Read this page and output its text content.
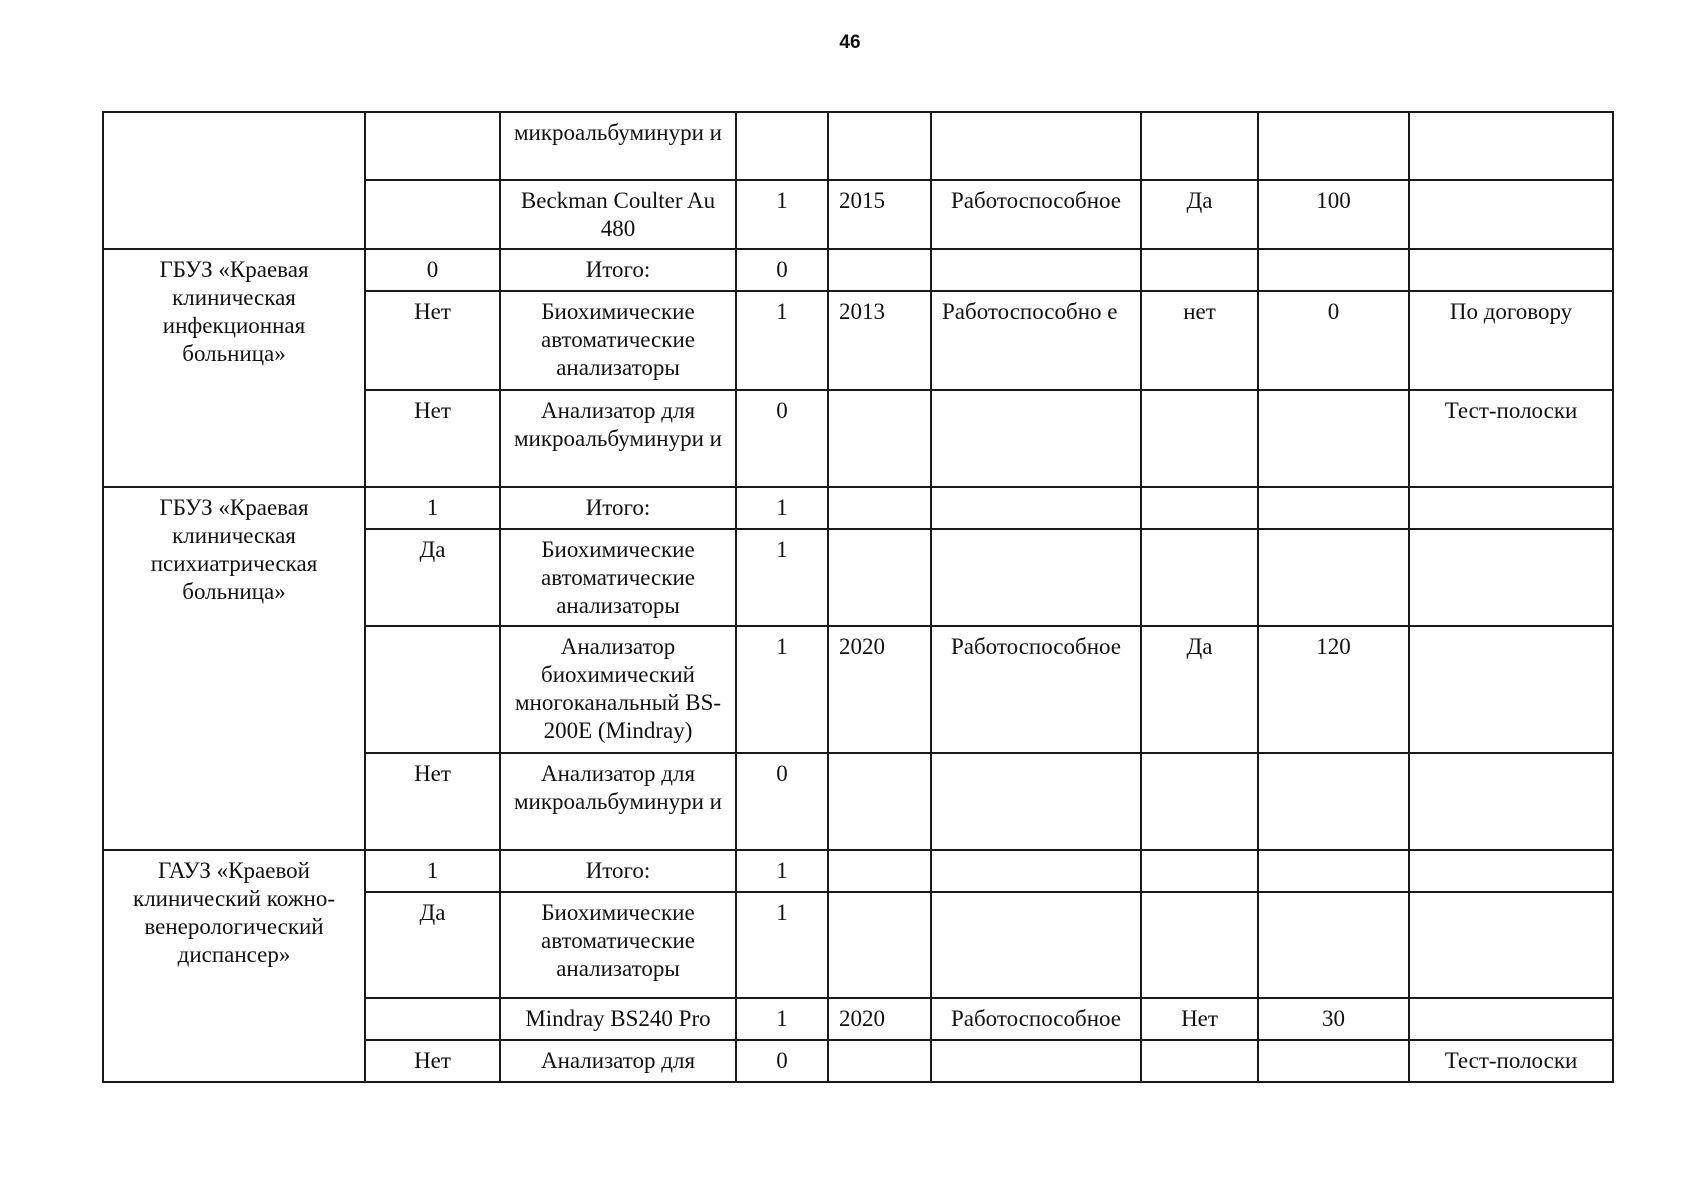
46
		микроальбуминури и						
		Beckman Coulter Au 480	1	2015	Работоспособное	Да	100	
ГБУЗ «Краевая клиническая инфекционная больница»	0	Итого:	0					
	Нет	Биохимические автоматические анализаторы	1	2013	Работоспособно е	нет	0	По договору
	Нет	Анализатор для микроальбуминури и	0					Тест-полоски
ГБУЗ «Краевая клиническая психиатрическая больница»	1	Итого:	1					
	Да	Биохимические автоматические анализаторы	1					
		Анализатор биохимический многоканальный BS-200E (Mindray)	1	2020	Работоспособное	Да	120	
	Нет	Анализатор для микроальбуминури и	0					
ГАУЗ «Краевой клинический кожно-венерологический диспансер»	1	Итого:	1					
	Да	Биохимические автоматические анализаторы	1					
		Mindray BS240 Pro	1	2020	Работоспособное	Нет	30	
	Нет	Анализатор для	0					Тест-полоски
